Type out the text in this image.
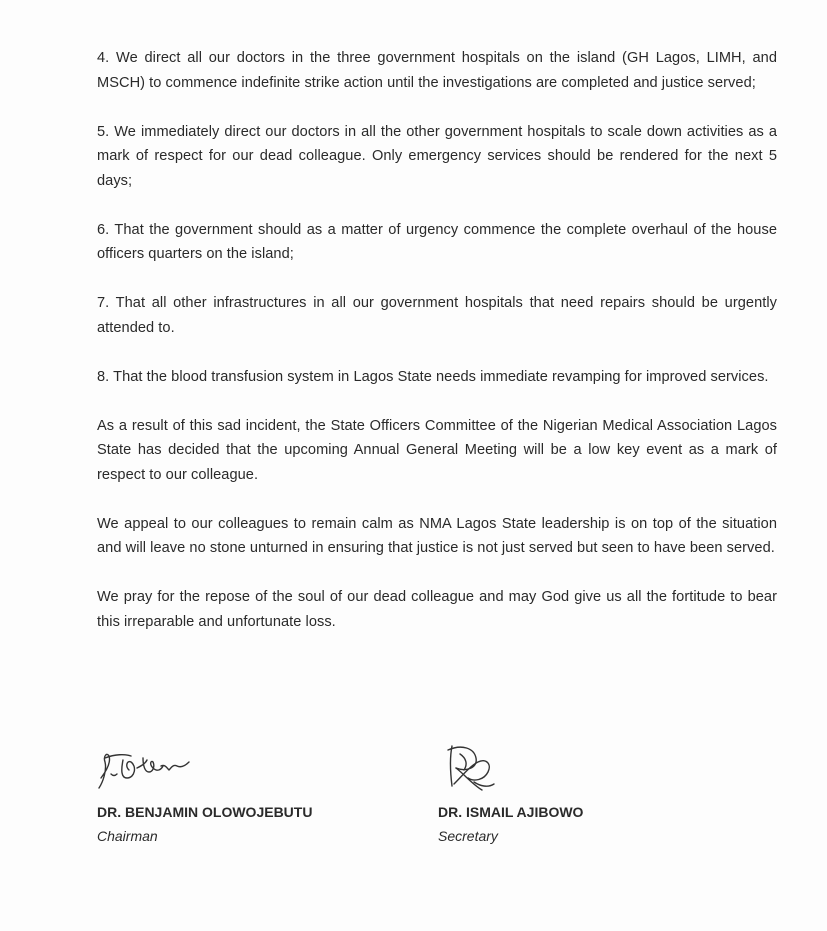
4. We direct all our doctors in the three government hospitals on the island (GH Lagos, LIMH, and MSCH) to commence indefinite strike action until the investigations are completed and justice served;

5. We immediately direct our doctors in all the other government hospitals to scale down activities as a mark of respect for our dead colleague. Only emergency services should be rendered for the next 5 days;

6. That the government should as a matter of urgency commence the complete overhaul of the house officers quarters on the island;

7. That all other infrastructures in all our government hospitals that need repairs should be urgently attended to.

8. That the blood transfusion system in Lagos State needs immediate revamping for improved services.

As a result of this sad incident, the State Officers Committee of the Nigerian Medical Association Lagos State has decided that the upcoming Annual General Meeting will be a low key event as a mark of respect to our colleague.

We appeal to our colleagues to remain calm as NMA Lagos State leadership is on top of the situation and will leave no stone unturned in ensuring that justice is not just served but seen to have been served.

We pray for the repose of the soul of our dead colleague and may God give us all the fortitude to bear this irreparable and unfortunate loss.

DR. BENJAMIN OLOWOJEBUTU
Chairman
DR. ISMAIL AJIBOWO
Secretary
